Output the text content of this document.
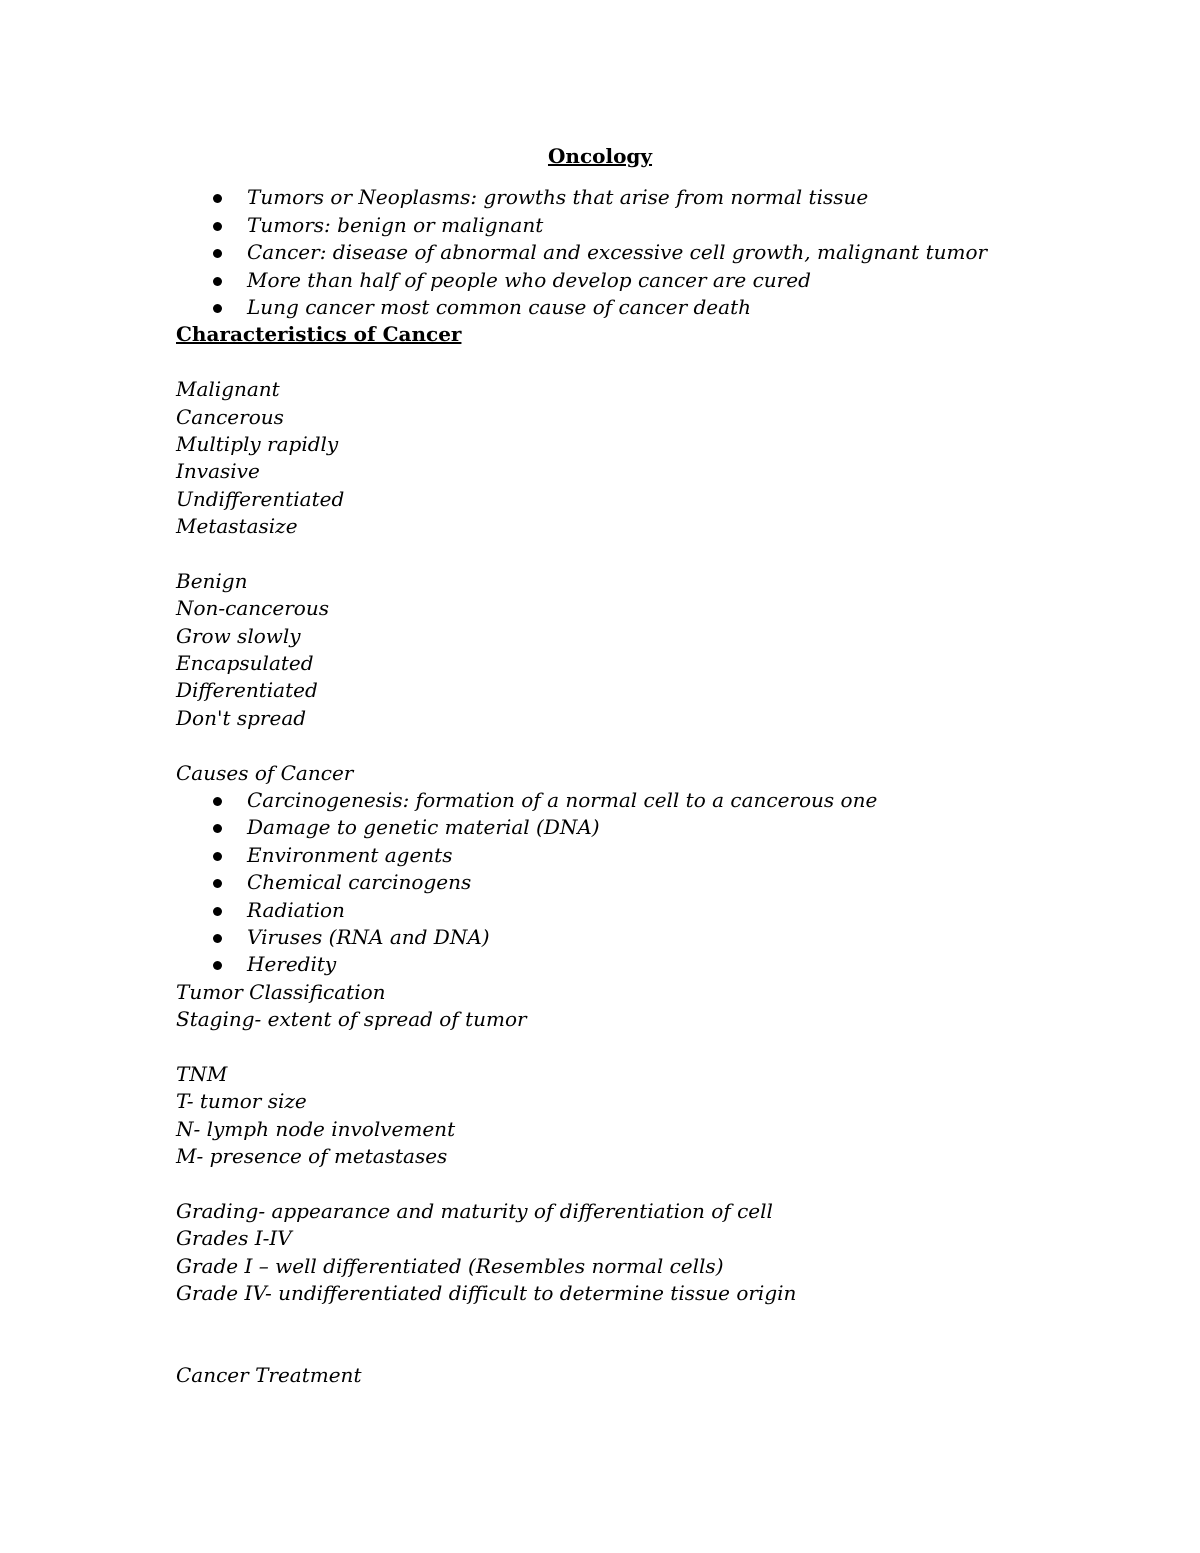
Oncology
Tumors or Neoplasms: growths that arise from normal tissue
Tumors: benign or malignant
Cancer: disease of abnormal and excessive cell growth, malignant tumor
More than half of people who develop cancer are cured
Lung cancer most common cause of cancer death
Characteristics of Cancer
Malignant
Cancerous
Multiply rapidly
Invasive
Undifferentiated
Metastasize
Benign
Non-cancerous
Grow slowly
Encapsulated
Differentiated
Don't spread
Causes of Cancer
Carcinogenesis: formation of a normal cell to a cancerous one
Damage to genetic material (DNA)
Environment agents
Chemical carcinogens
Radiation
Viruses (RNA and DNA)
Heredity
Tumor Classification
Staging- extent of spread of tumor
TNM
T- tumor size
N- lymph node involvement
M- presence of metastases
Grading- appearance and maturity of differentiation of cell
Grades I-IV
Grade I – well differentiated (Resembles normal cells)
Grade IV- undifferentiated difficult to determine tissue origin
Cancer Treatment
